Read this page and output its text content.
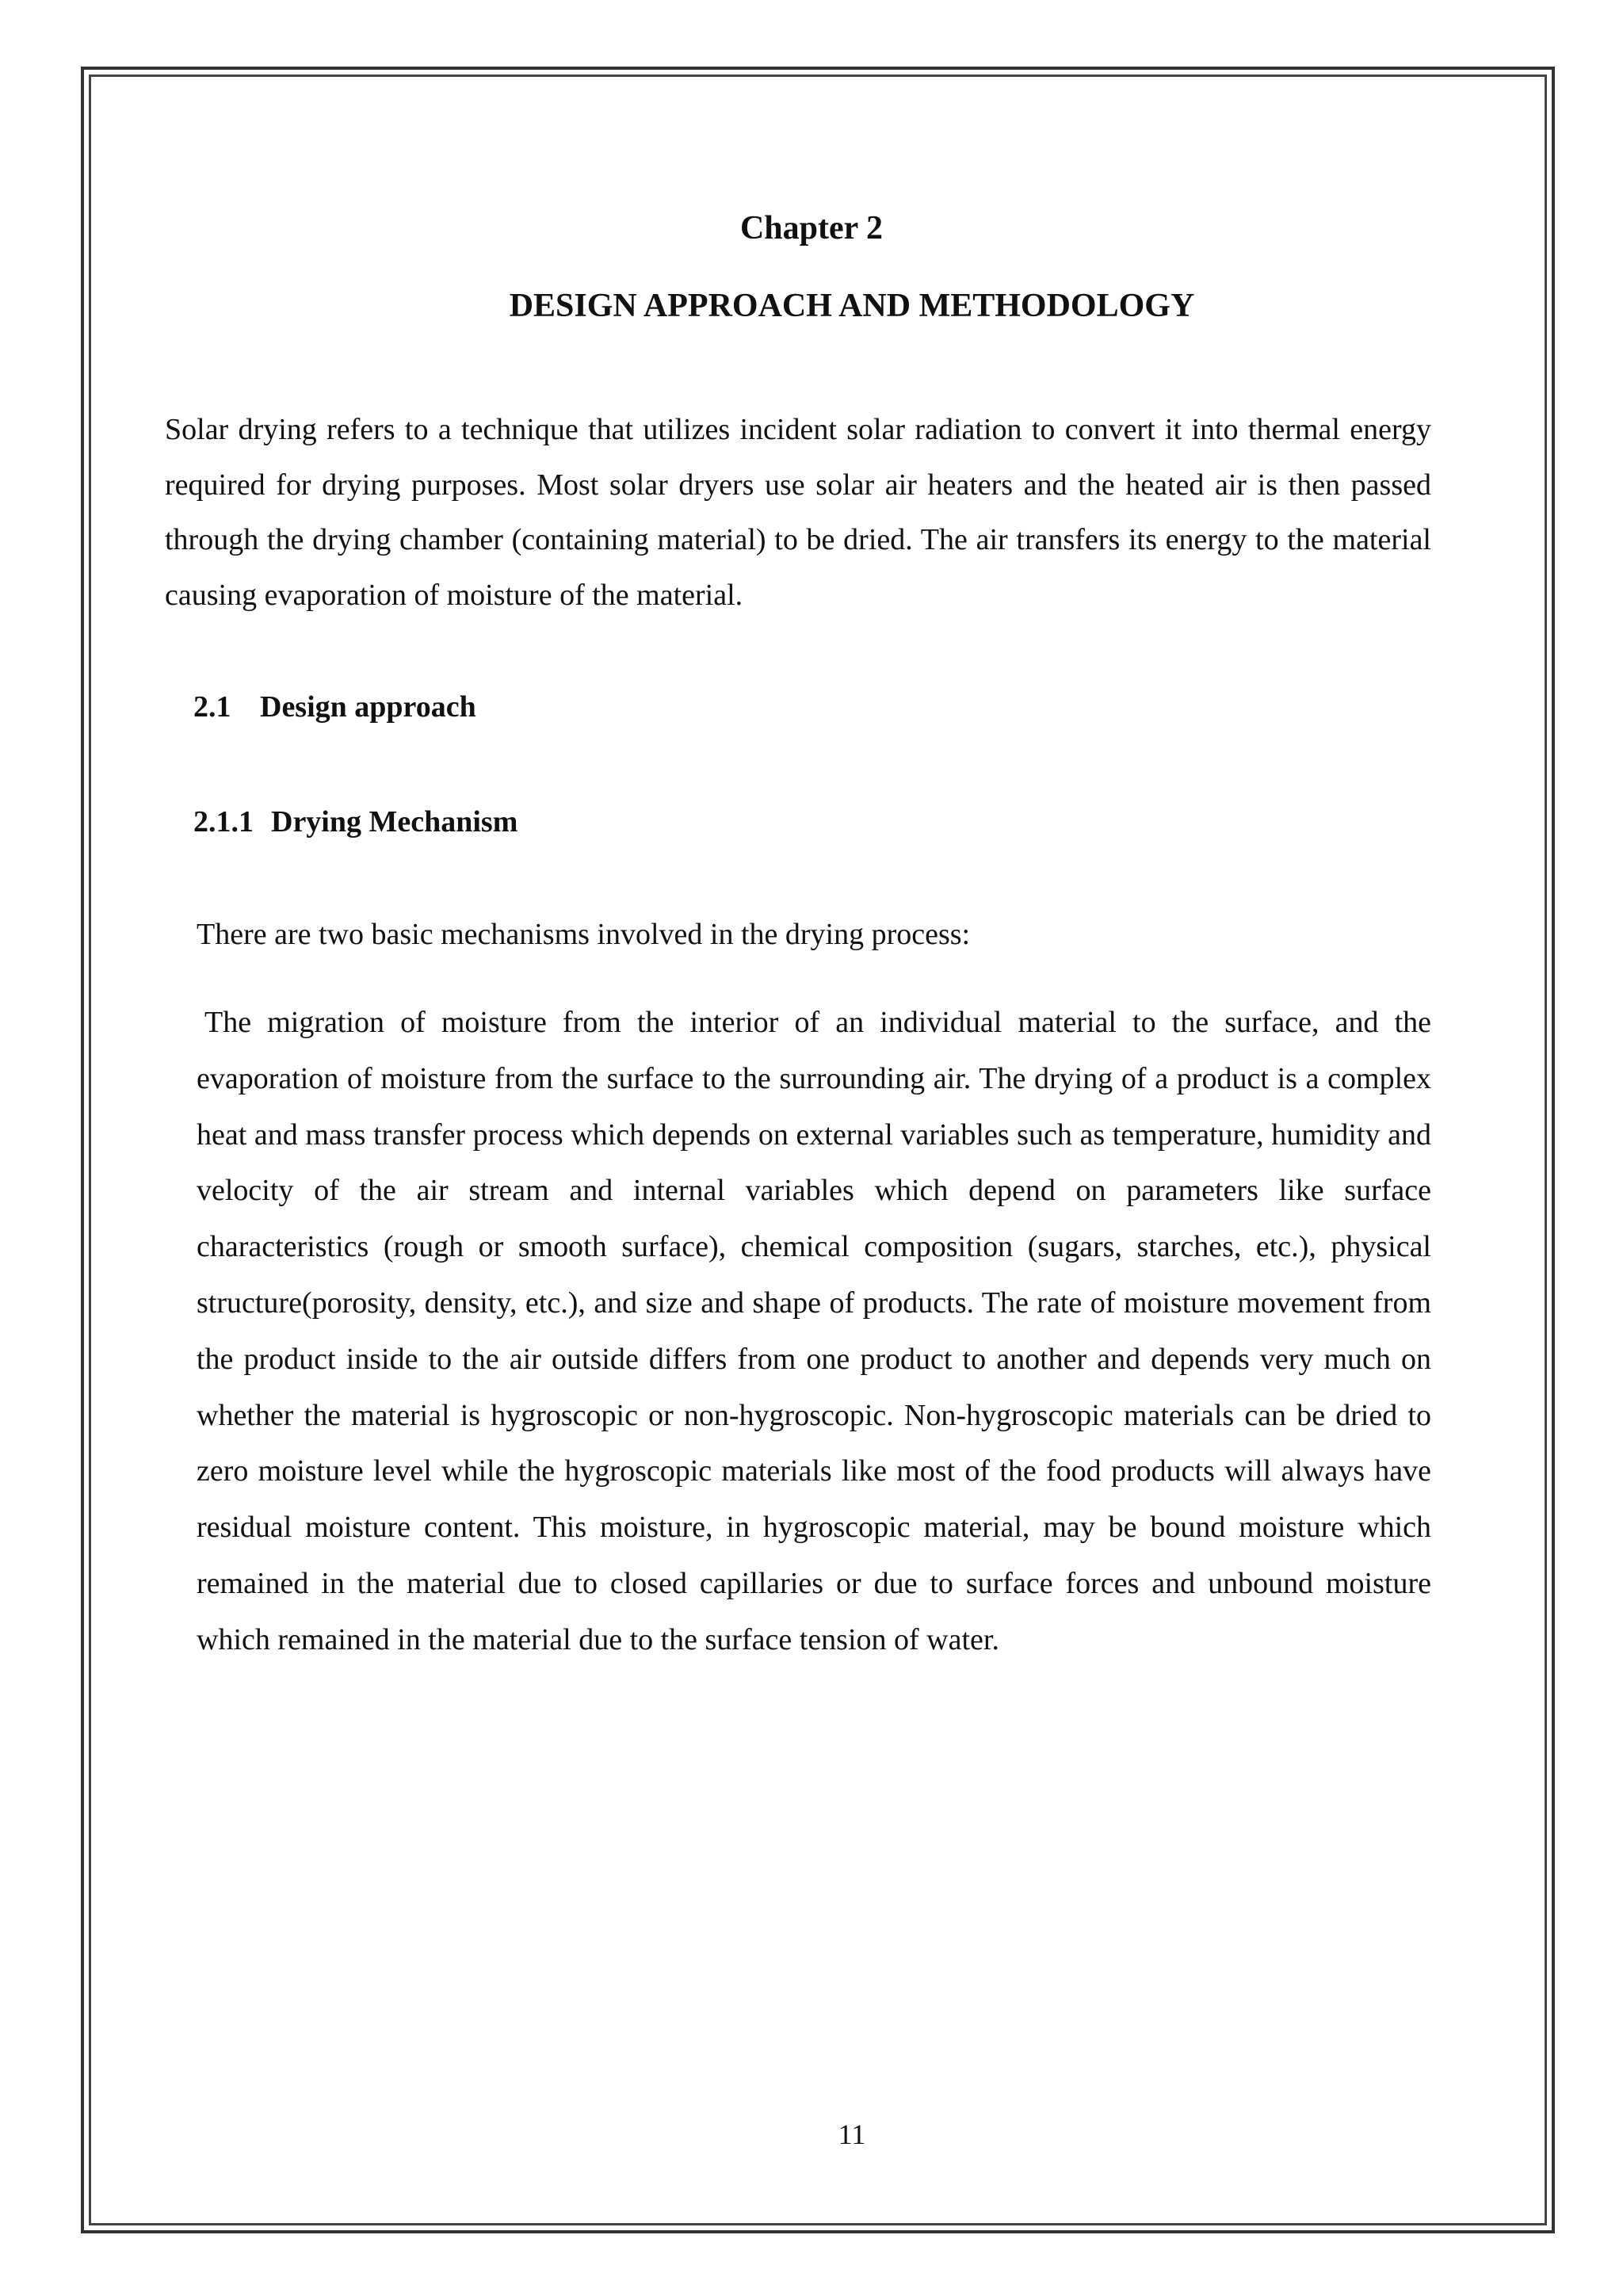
Chapter 2
DESIGN APPROACH AND METHODOLOGY

Solar drying refers to a technique that utilizes incident solar radiation to convert it into thermal energy required for drying purposes. Most solar dryers use solar air heaters and the heated air is then passed through the drying chamber (containing material) to be dried. The air transfers its energy to the material causing evaporation of moisture of the material.

2.1 Design approach
2.1.1 Drying Mechanism

There are two basic mechanisms involved in the drying process:

The migration of moisture from the interior of an individual material to the surface, and the evaporation of moisture from the surface to the surrounding air. The drying of a product is a complex heat and mass transfer process which depends on external variables such as temperature, humidity and velocity of the air stream and internal variables which depend on parameters like surface characteristics (rough or smooth surface), chemical composition (sugars, starches, etc.), physical structure(porosity, density, etc.), and size and shape of products. The rate of moisture movement from the product inside to the air outside differs from one product to another and depends very much on whether the material is hygroscopic or non-hygroscopic. Non-hygroscopic materials can be dried to zero moisture level while the hygroscopic materials like most of the food products will always have residual moisture content. This moisture, in hygroscopic material, may be bound moisture which remained in the material due to closed capillaries or due to surface forces and unbound moisture which remained in the material due to the surface tension of water.

11
